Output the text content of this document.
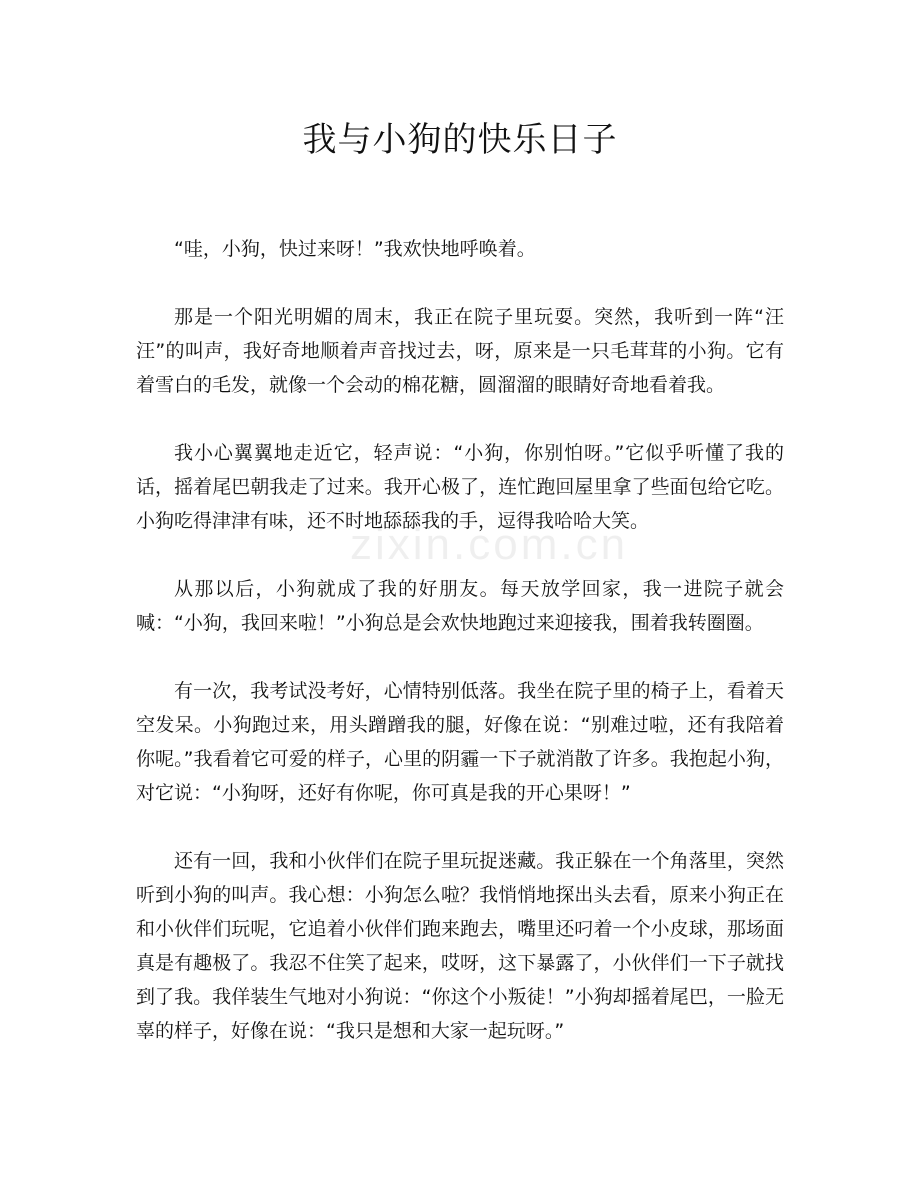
我与小狗的快乐日子

“哇，小狗，快过来呀！”我欢快地呼唤着。

那是一个阳光明媚的周末，我正在院子里玩耍。突然，我听到一阵“汪汪”的叫声，我好奇地顺着声音找过去，呀，原来是一只毛茸茸的小狗。它有着雪白的毛发，就像一个会动的棉花糖，圆溜溜的眼睛好奇地看着我。

我小心翼翼地走近它，轻声说：“小狗，你别怕呀。”它似乎听懂了我的话，摇着尾巴朝我走了过来。我开心极了，连忙跑回屋里拿了些面包给它吃。小狗吃得津津有味，还不时地舔舔我的手，逗得我哈哈大笑。

从那以后，小狗就成了我的好朋友。每天放学回家，我一进院子就会喊：“小狗，我回来啦！”小狗总是会欢快地跑过来迎接我，围着我转圈圈。

有一次，我考试没考好，心情特别低落。我坐在院子里的椅子上，看着天空发呆。小狗跑过来，用头蹭蹭我的腿，好像在说：“别难过啦，还有我陪着你呢。”我看着它可爱的样子，心里的阴霾一下子就消散了许多。我抱起小狗，对它说：“小狗呀，还好有你呢，你可真是我的开心果呀！”

还有一回，我和小伙伴们在院子里玩捉迷藏。我正躲在一个角落里，突然听到小狗的叫声。我心想：小狗怎么啦？我悄悄地探出头去看，原来小狗正在和小伙伴们玩呢，它追着小伙伴们跑来跑去，嘴里还叼着一个小皮球，那场面真是有趣极了。我忍不住笑了起来，哎呀，这下暴露了，小伙伴们一下子就找到了我。我佯装生气地对小狗说：“你这个小叛徒！”小狗却摇着尾巴，一脸无辜的样子，好像在说：“我只是想和大家一起玩呀。”

zixin.com.cn
